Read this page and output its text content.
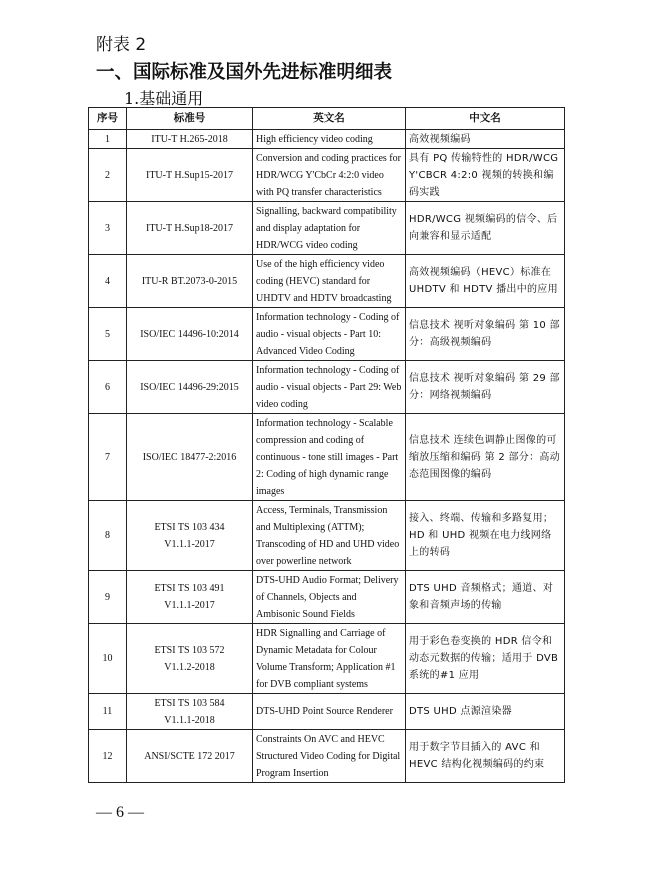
附表 2
一、国际标准及国外先进标准明细表
1.基础通用
序号	标准号	英文名	中文名
1	ITU-T H.265-2018	High efficiency video coding	高效视频编码
2	ITU-T H.Sup15-2017	Conversion and coding practices for HDR/WCG Y'CbCr 4:2:0 video with PQ transfer characteristics	具有 PQ 传输特性的 HDR/WCG Y'CBCR 4:2:0 视频的转换和编码实践
3	ITU-T H.Sup18-2017	Signalling, backward compatibility and display adaptation for HDR/WCG video coding	HDR/WCG 视频编码的信令、后向兼容和显示适配
4	ITU-R BT.2073-0-2015	Use of the high efficiency video coding (HEVC) standard for UHDTV and HDTV broadcasting	高效视频编码（HEVC）标准在 UHDTV 和 HDTV 播出中的应用
5	ISO/IEC 14496-10:2014	Information technology - Coding of audio - visual objects - Part 10: Advanced Video Coding	信息技术 视听对象编码 第 10 部分：高级视频编码
6	ISO/IEC 14496-29:2015	Information technology - Coding of audio - visual objects - Part 29: Web video coding	信息技术 视听对象编码 第 29 部分：网络视频编码
7	ISO/IEC 18477-2:2016	Information technology - Scalable compression and coding of continuous - tone still images - Part 2: Coding of high dynamic range images	信息技术 连续色调静止图像的可缩放压缩和编码 第 2 部分：高动态范围图像的编码
8	ETSI TS 103 434
V1.1.1-2017	Access, Terminals, Transmission and Multiplexing (ATTM); Transcoding of HD and UHD video over powerline network	接入、终端、传输和多路复用；HD 和 UHD 视频在电力线网络上的转码
9	ETSI TS 103 491
V1.1.1-2017	DTS-UHD Audio Format; Delivery of Channels, Objects and Ambisonic Sound Fields	DTS UHD 音频格式；通道、对象和音频声场的传输
10	ETSI TS 103 572
V1.1.2-2018	HDR Signalling and Carriage of Dynamic Metadata for Colour Volume Transform; Application #1 for DVB compliant systems	用于彩色卷变换的 HDR 信令和动态元数据的传输；适用于 DVB 系统的#1 应用
11	ETSI TS 103 584
V1.1.1-2018	DTS-UHD Point Source Renderer	DTS UHD 点源渲染器
12	ANSI/SCTE 172 2017	Constraints On AVC and HEVC Structured Video Coding for Digital Program Insertion	用于数字节目插入的 AVC 和 HEVC 结构化视频编码的约束
— 6 —
